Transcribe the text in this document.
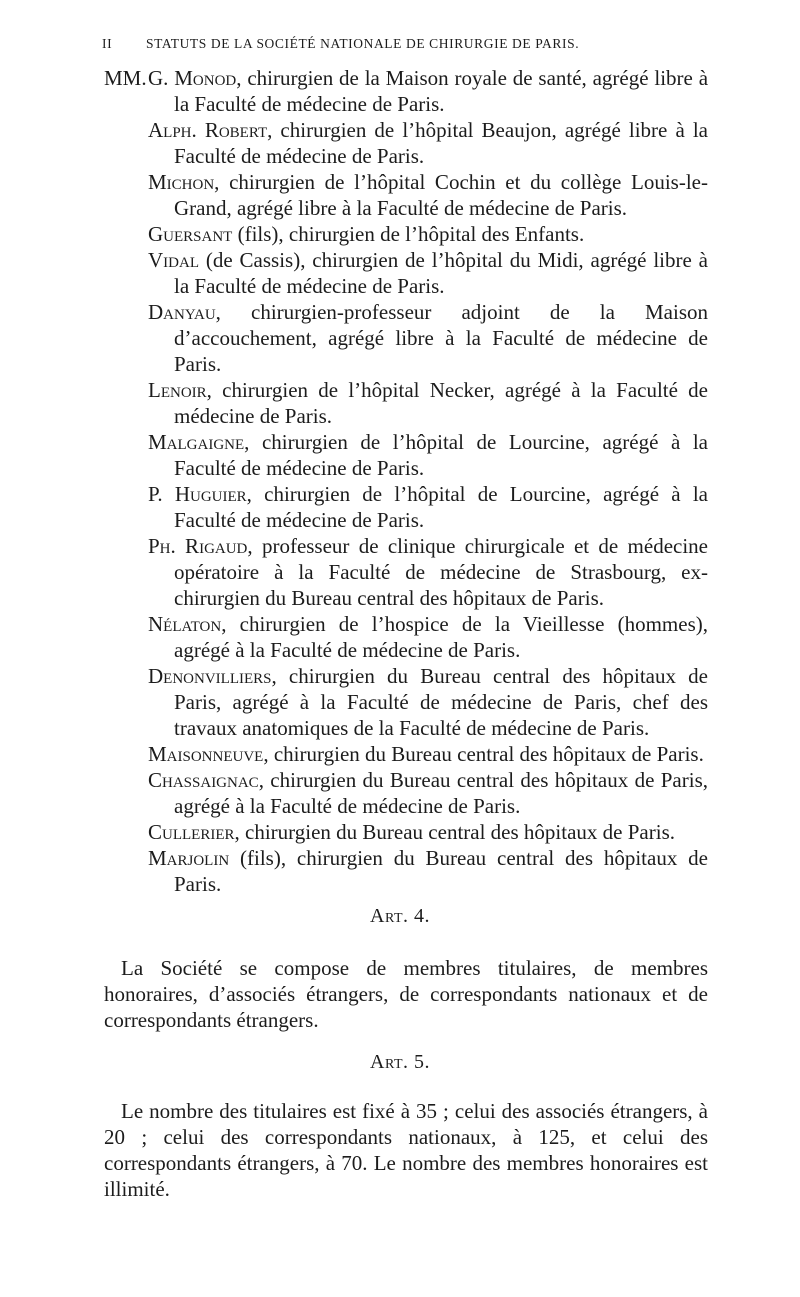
II	STATUTS DE LA SOCIÉTÉ NATIONALE DE CHIRURGIE DE PARIS.
MM. G. Monod, chirurgien de la Maison royale de santé, agrégé libre à la Faculté de médecine de Paris.
Alph. Robert, chirurgien de l’hôpital Beaujon, agrégé libre à la Faculté de médecine de Paris.
Michon, chirurgien de l’hôpital Cochin et du collège Louis-le-Grand, agrégé libre à la Faculté de médecine de Paris.
Guersant (fils), chirurgien de l’hôpital des Enfants.
Vidal (de Cassis), chirurgien de l’hôpital du Midi, agrégé libre à la Faculté de médecine de Paris.
Danyau, chirurgien-professeur adjoint de la Maison d’accouchement, agrégé libre à la Faculté de médecine de Paris.
Lenoir, chirurgien de l’hôpital Necker, agrégé à la Faculté de médecine de Paris.
Malgaigne, chirurgien de l’hôpital de Lourcine, agrégé à la Faculté de médecine de Paris.
P. Huguier, chirurgien de l’hôpital de Lourcine, agrégé à la Faculté de médecine de Paris.
Ph. Rigaud, professeur de clinique chirurgicale et de médecine opératoire à la Faculté de médecine de Strasbourg, ex-chirurgien du Bureau central des hôpitaux de Paris.
Nélaton, chirurgien de l’hospice de la Vieillesse (hommes), agrégé à la Faculté de médecine de Paris.
Denonvilliers, chirurgien du Bureau central des hôpitaux de Paris, agrégé à la Faculté de médecine de Paris, chef des travaux anatomiques de la Faculté de médecine de Paris.
Maisonneuve, chirurgien du Bureau central des hôpitaux de Paris.
Chassaignac, chirurgien du Bureau central des hôpitaux de Paris, agrégé à la Faculté de médecine de Paris.
Cullerier, chirurgien du Bureau central des hôpitaux de Paris.
Marjolin (fils), chirurgien du Bureau central des hôpitaux de Paris.
Art. 4.
La Société se compose de membres titulaires, de membres honoraires, d’associés étrangers, de correspondants nationaux et de correspondants étrangers.
Art. 5.
Le nombre des titulaires est fixé à 35 ; celui des associés étrangers, à 20 ; celui des correspondants nationaux, à 125, et celui des correspondants étrangers, à 70. Le nombre des membres honoraires est illimité.
